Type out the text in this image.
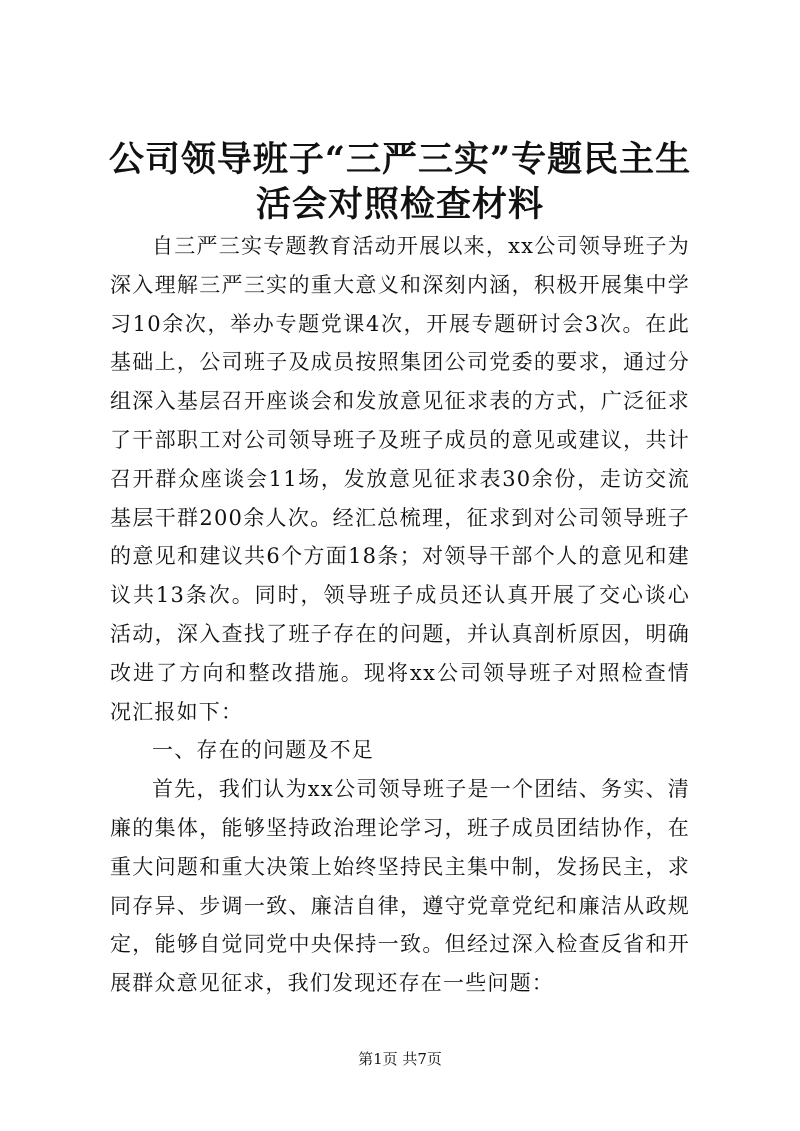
公司领导班子“三严三实”专题民主生活会对照检查材料

自三严三实专题教育活动开展以来，xx公司领导班子为深入理解三严三实的重大意义和深刻内涵，积极开展集中学习10余次，举办专题党课4次，开展专题研讨会3次。在此基础上，公司班子及成员按照集团公司党委的要求，通过分组深入基层召开座谈会和发放意见征求表的方式，广泛征求了干部职工对公司领导班子及班子成员的意见或建议，共计召开群众座谈会11场，发放意见征求表30余份，走访交流基层干群200余人次。经汇总梳理，征求到对公司领导班子的意见和建议共6个方面18条；对领导干部个人的意见和建议共13条次。同时，领导班子成员还认真开展了交心谈心活动，深入查找了班子存在的问题，并认真剖析原因，明确改进了方向和整改措施。现将xx公司领导班子对照检查情况汇报如下：

一、存在的问题及不足

首先，我们认为xx公司领导班子是一个团结、务实、清廉的集体，能够坚持政治理论学习，班子成员团结协作，在重大问题和重大决策上始终坚持民主集中制，发扬民主，求同存异、步调一致、廉洁自律，遵守党章党纪和廉洁从政规定，能够自觉同党中央保持一致。但经过深入检查反省和开展群众意见征求，我们发现还存在一些问题：

第1页 共7页
